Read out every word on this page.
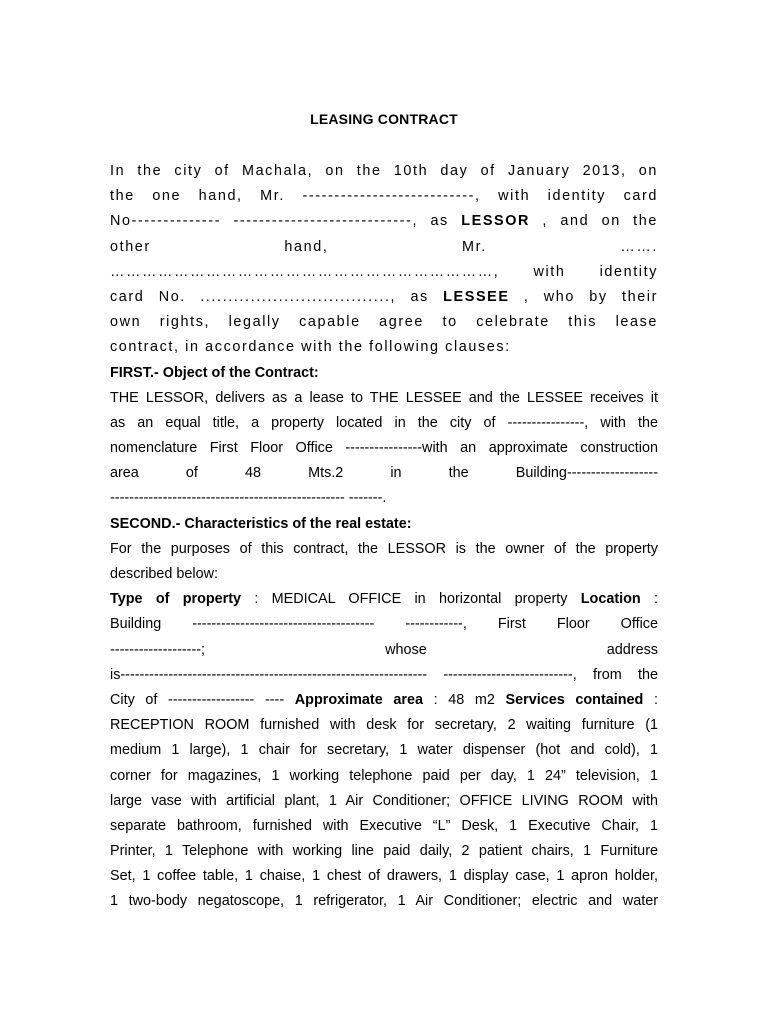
LEASING CONTRACT
In the city of Machala, on the 10th day of January 2013, on
the one hand, Mr. ---------------------------, with identity card
No-------------- ----------------------------, as LESSOR , and on the
other hand, Mr. …….
………………………………………………………………, with identity
card No. .................................., as LESSEE , who by their
own rights, legally capable agree to celebrate this lease
contract, in accordance with the following clauses:
FIRST.- Object of the Contract:
THE LESSOR, delivers as a lease to THE LESSEE and the LESSEE receives it
as an equal title, a property located in the city of ----------------, with the
nomenclature First Floor Office ----------------with an approximate construction
area of 48 Mts.2 in the Building-------------------
------------------------------------------------- -------.
SECOND.- Characteristics of the real estate:
For the purposes of this contract, the LESSOR is the owner of the property
described below:
Type of property : MEDICAL OFFICE in horizontal property Location :
Building -------------------------------------- ------------, First Floor Office
-------------------; whose address
is---------------------------------------------------------------- ---------------------------, from the
City of ------------------ ---- Approximate area : 48 m2 Services contained :
RECEPTION ROOM furnished with desk for secretary, 2 waiting furniture (1
medium 1 large), 1 chair for secretary, 1 water dispenser (hot and cold), 1
corner for magazines, 1 working telephone paid per day, 1 24” television, 1
large vase with artificial plant, 1 Air Conditioner; OFFICE LIVING ROOM with
separate bathroom, furnished with Executive “L” Desk, 1 Executive Chair, 1
Printer, 1 Telephone with working line paid daily, 2 patient chairs, 1 Furniture
Set, 1 coffee table, 1 chaise, 1 chest of drawers, 1 display case, 1 apron holder,
1 two-body negatoscope, 1 refrigerator, 1 Air Conditioner; electric and water
